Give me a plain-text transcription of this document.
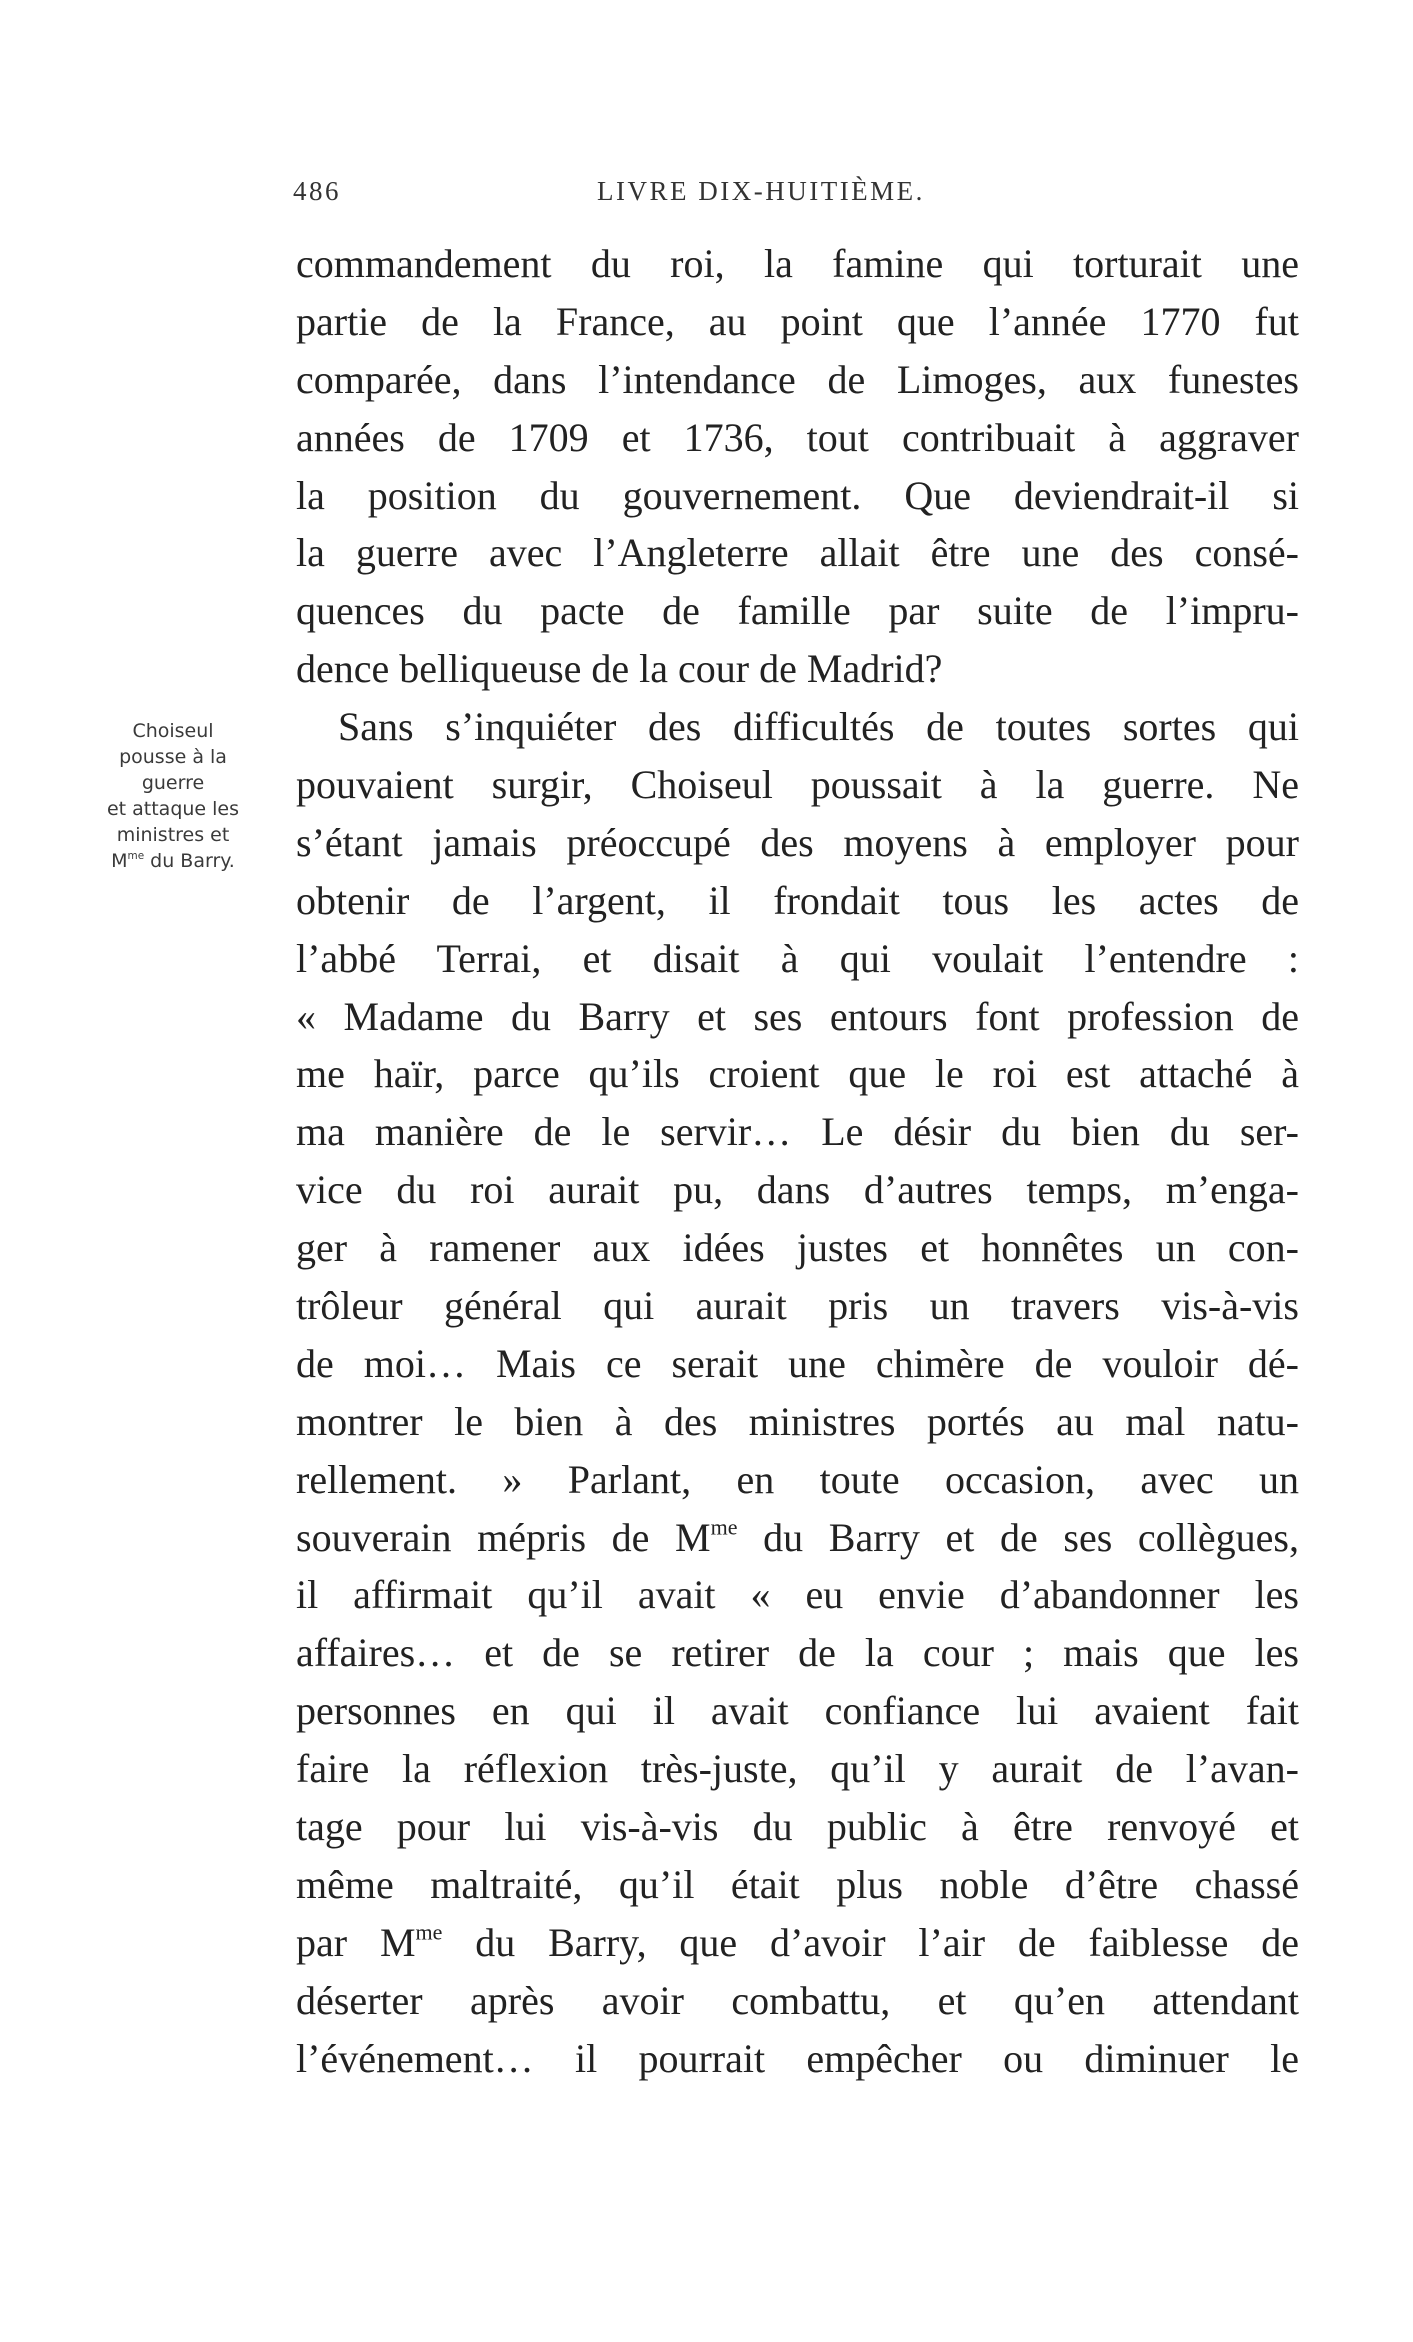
486	LIVRE DIX-HUITIÈME.
Choiseul
pousse à la
guerre
et attaque les
ministres et
$M^{me}$ du Barry.
commandement du roi, la famine qui torturait une
partie de la France, au point que l’année 1770 fut
comparée, dans l’intendance de Limoges, aux funestes
années de 1709 et 1736, tout contribuait à aggraver
la position du gouvernement. Que deviendrait-il si
la guerre avec l’Angleterre allait être une des consé-
quences du pacte de famille par suite de l’impru-
dence belliqueuse de la cour de Madrid?
Sans s’inquiéter des difficultés de toutes sortes qui
pouvaient surgir, Choiseul poussait à la guerre. Ne
s’étant jamais préoccupé des moyens à employer pour
obtenir de l’argent, il frondait tous les actes de
l’abbé Terrai, et disait à qui voulait l’entendre :
« Madame du Barry et ses entours font profession de
me haïr, parce qu’ils croient que le roi est attaché à
ma manière de le servir… Le désir du bien du ser-
vice du roi aurait pu, dans d’autres temps, m’enga-
ger à ramener aux idées justes et honnêtes un con-
trôleur général qui aurait pris un travers vis-à-vis
de moi… Mais ce serait une chimère de vouloir dé-
montrer le bien à des ministres portés au mal natu-
rellement. » Parlant, en toute occasion, avec un
souverain mépris de $M^{me}$ du Barry et de ses collègues,
il affirmait qu’il avait « eu envie d’abandonner les
affaires… et de se retirer de la cour ; mais que les
personnes en qui il avait confiance lui avaient fait
faire la réflexion très-juste, qu’il y aurait de l’avan-
tage pour lui vis-à-vis du public à être renvoyé et
même maltraité, qu’il était plus noble d’être chassé
par $M^{me}$ du Barry, que d’avoir l’air de faiblesse de
déserter après avoir combattu, et qu’en attendant
l’événement… il pourrait empêcher ou diminuer le
